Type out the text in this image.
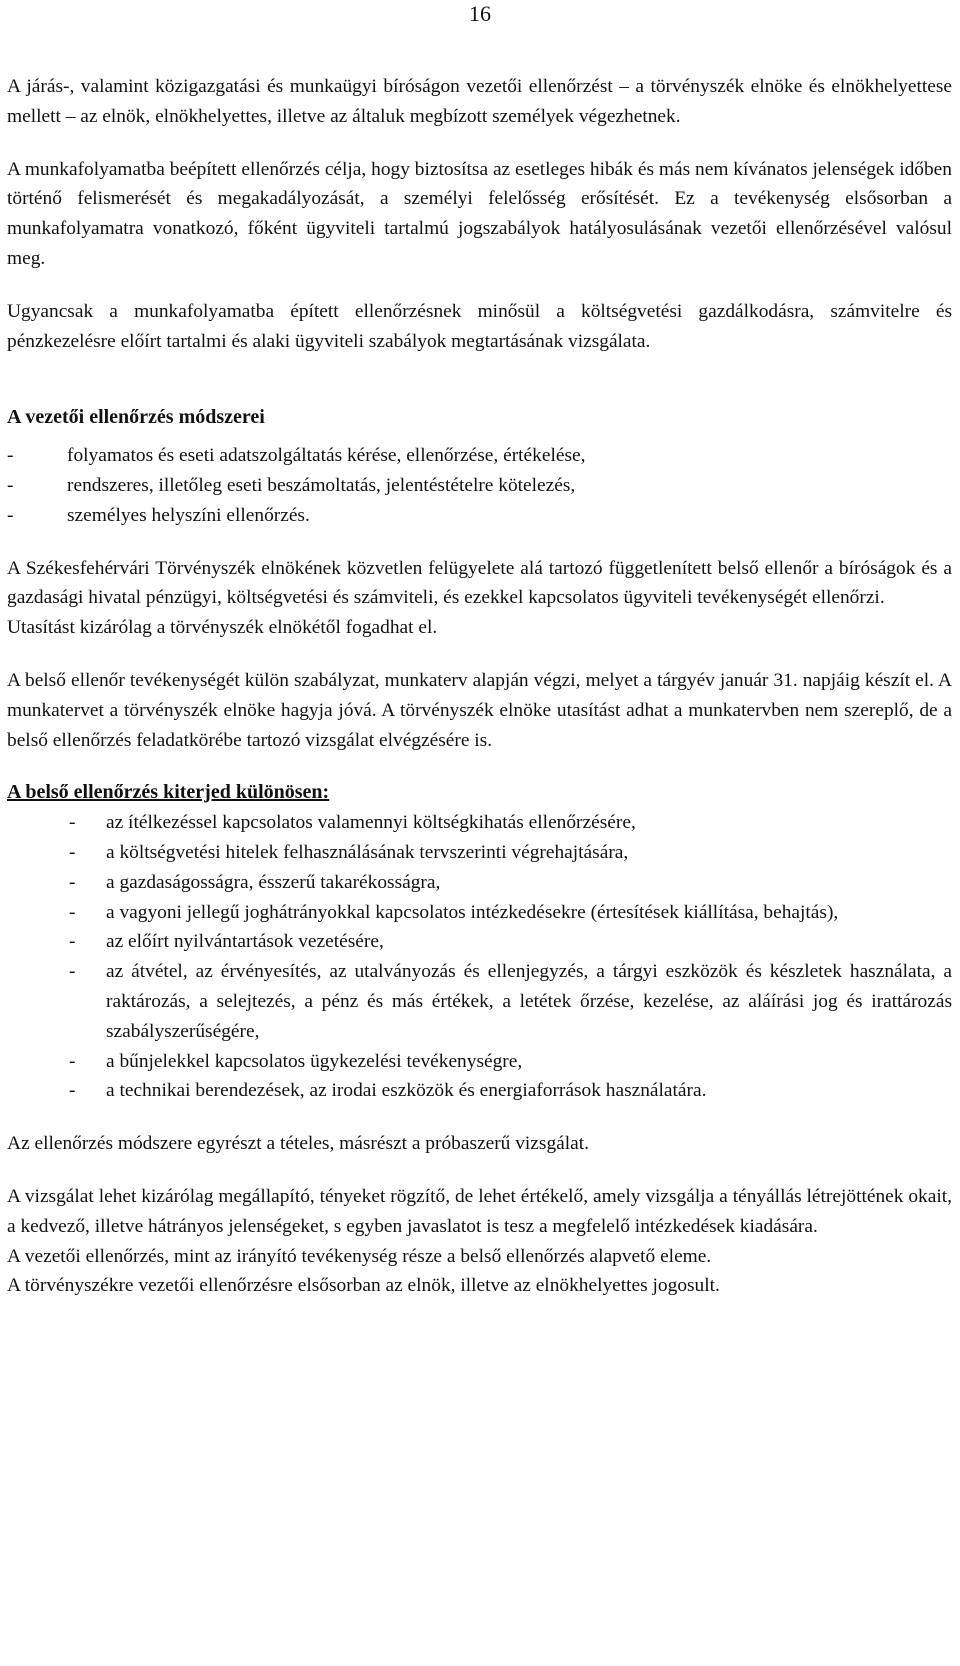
16

A járás-, valamint közigazgatási és munkaügyi bíróságon vezetői ellenőrzést – a törvényszék elnöke és elnökhelyettese mellett – az elnök, elnökhelyettes, illetve az általuk megbízott személyek végezhetnek.

A munkafolyamatba beépített ellenőrzés célja, hogy biztosítsa az esetleges hibák és más nem kívánatos jelenségek időben történő felismerését és megakadályozását, a személyi felelősség erősítését. Ez a tevékenység elsősorban a munkafolyamatra vonatkozó, főként ügyviteli tartalmú jogszabályok hatályosulásának vezetői ellenőrzésével valósul meg.

Ugyancsak a munkafolyamatba épített ellenőrzésnek minősül a költségvetési gazdálkodásra, számvitelre és pénzkezelésre előírt tartalmi és alaki ügyviteli szabályok megtartásának vizsgálata.

A vezetői ellenőrzés módszerei
- folyamatos és eseti adatszolgáltatás kérése, ellenőrzése, értékelése,
- rendszeres, illetőleg eseti beszámoltatás, jelentéstételre kötelezés,
- személyes helyszíni ellenőrzés.

A Székesfehérvári Törvényszék elnökének közvetlen felügyelete alá tartozó függetlenített belső ellenőr a bíróságok és a gazdasági hivatal pénzügyi, költségvetési és számviteli, és ezekkel kapcsolatos ügyviteli tevékenységét ellenőrzi.

Utasítást kizárólag a törvényszék elnökétől fogadhat el.

A belső ellenőr tevékenységét külön szabályzat, munkaterv alapján végzi, melyet a tárgyév január 31. napjáig készít el. A munkatervet a törvényszék elnöke hagyja jóvá. A törvényszék elnöke utasítást adhat a munkatervben nem szereplő, de a belső ellenőrzés feladatkörébe tartozó vizsgálat elvégzésére is.

A belső ellenőrzés kiterjed különösen:
- az ítélkezéssel kapcsolatos valamennyi költségkihatás ellenőrzésére,
- a költségvetési hitelek felhasználásának tervszerinti végrehajtására,
- a gazdaságosságra, ésszerű takarékosságra,
- a vagyoni jellegű joghátrányokkal kapcsolatos intézkedésekre (értesítések kiállítása, behajtás),
- az előírt nyilvántartások vezetésére,
- az átvétel, az érvényesítés, az utalványozás és ellenjegyzés, a tárgyi eszközök és készletek használata, a raktározás, a selejtezés, a pénz és más értékek, a letétek őrzése, kezelése, az aláírási jog és irattározás szabályszerűségére,
- a bűnjelekkel kapcsolatos ügykezelési tevékenységre,
- a technikai berendezések, az irodai eszközök és energiaforrások használatára.

Az ellenőrzés módszere egyrészt a tételes, másrészt a próbaszerű vizsgálat.

A vizsgálat lehet kizárólag megállapító, tényeket rögzítő, de lehet értékelő, amely vizsgálja a tényállás létrejöttének okait, a kedvező, illetve hátrányos jelenségeket, s egyben javaslatot is tesz a megfelelő intézkedések kiadására.

A vezetői ellenőrzés, mint az irányító tevékenység része a belső ellenőrzés alapvető eleme.

A törvényszékre vezetői ellenőrzésre elsősorban az elnök, illetve az elnökhelyettes jogosult.
